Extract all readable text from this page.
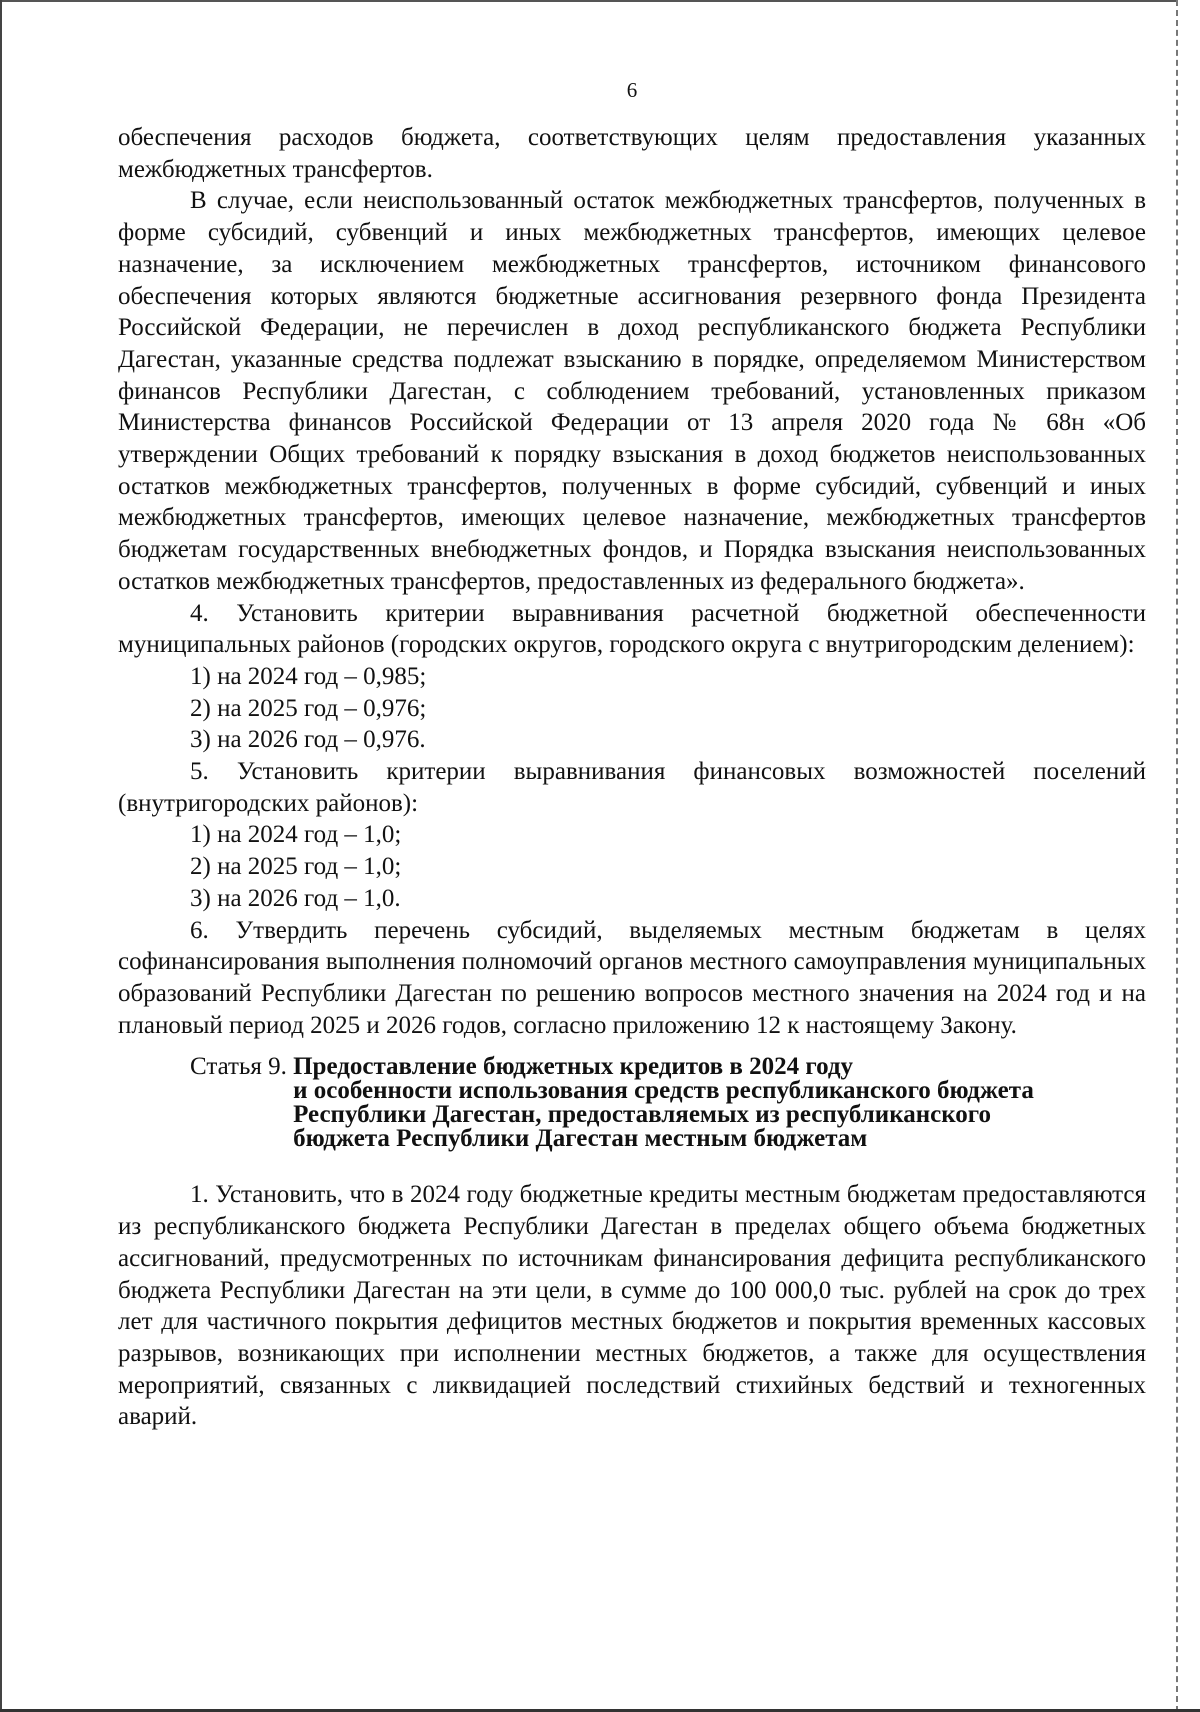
6

обеспечения расходов бюджета, соответствующих целям предоставления указанных межбюджетных трансфертов.

В случае, если неиспользованный остаток межбюджетных трансфертов, полученных в форме субсидий, субвенций и иных межбюджетных трансфертов, имеющих целевое назначение, за исключением межбюджетных трансфертов, источником финансового обеспечения которых являются бюджетные ассигнования резервного фонда Президента Российской Федерации, не перечислен в доход республиканского бюджета Республики Дагестан, указанные средства подлежат взысканию в порядке, определяемом Министерством финансов Республики Дагестан, с соблюдением требований, установленных приказом Министерства финансов Российской Федерации от 13 апреля 2020 года № 68н «Об утверждении Общих требований к порядку взыскания в доход бюджетов неиспользованных остатков межбюджетных трансфертов, полученных в форме субсидий, субвенций и иных межбюджетных трансфертов, имеющих целевое назначение, межбюджетных трансфертов бюджетам государственных внебюджетных фондов, и Порядка взыскания неиспользованных остатков межбюджетных трансфертов, предоставленных из федерального бюджета».

4. Установить критерии выравнивания расчетной бюджетной обеспеченности муниципальных районов (городских округов, городского округа с внутригородским делением):

1) на 2024 год – 0,985;

2) на 2025 год – 0,976;

3) на 2026 год – 0,976.

5. Установить критерии выравнивания финансовых возможностей поселений (внутригородских районов):

1) на 2024 год – 1,0;

2) на 2025 год – 1,0;

3) на 2026 год – 1,0.

6. Утвердить перечень субсидий, выделяемых местным бюджетам в целях софинансирования выполнения полномочий органов местного самоуправления муниципальных образований Республики Дагестан по решению вопросов местного значения на 2024 год и на плановый период 2025 и 2026 годов, согласно приложению 12 к настоящему Закону.

Статья 9. Предоставление бюджетных кредитов в 2024 году
и особенности использования средств республиканского бюджета
Республики Дагестан, предоставляемых из республиканского
бюджета Республики Дагестан местным бюджетам

1. Установить, что в 2024 году бюджетные кредиты местным бюджетам предоставляются из республиканского бюджета Республики Дагестан в пределах общего объема бюджетных ассигнований, предусмотренных по источникам финансирования дефицита республиканского бюджета Республики Дагестан на эти цели, в сумме до 100 000,0 тыс. рублей на срок до трех лет для частичного покрытия дефицитов местных бюджетов и покрытия временных кассовых разрывов, возникающих при исполнении местных бюджетов, а также для осуществления мероприятий, связанных с ликвидацией последствий стихийных бедствий и техногенных аварий.
